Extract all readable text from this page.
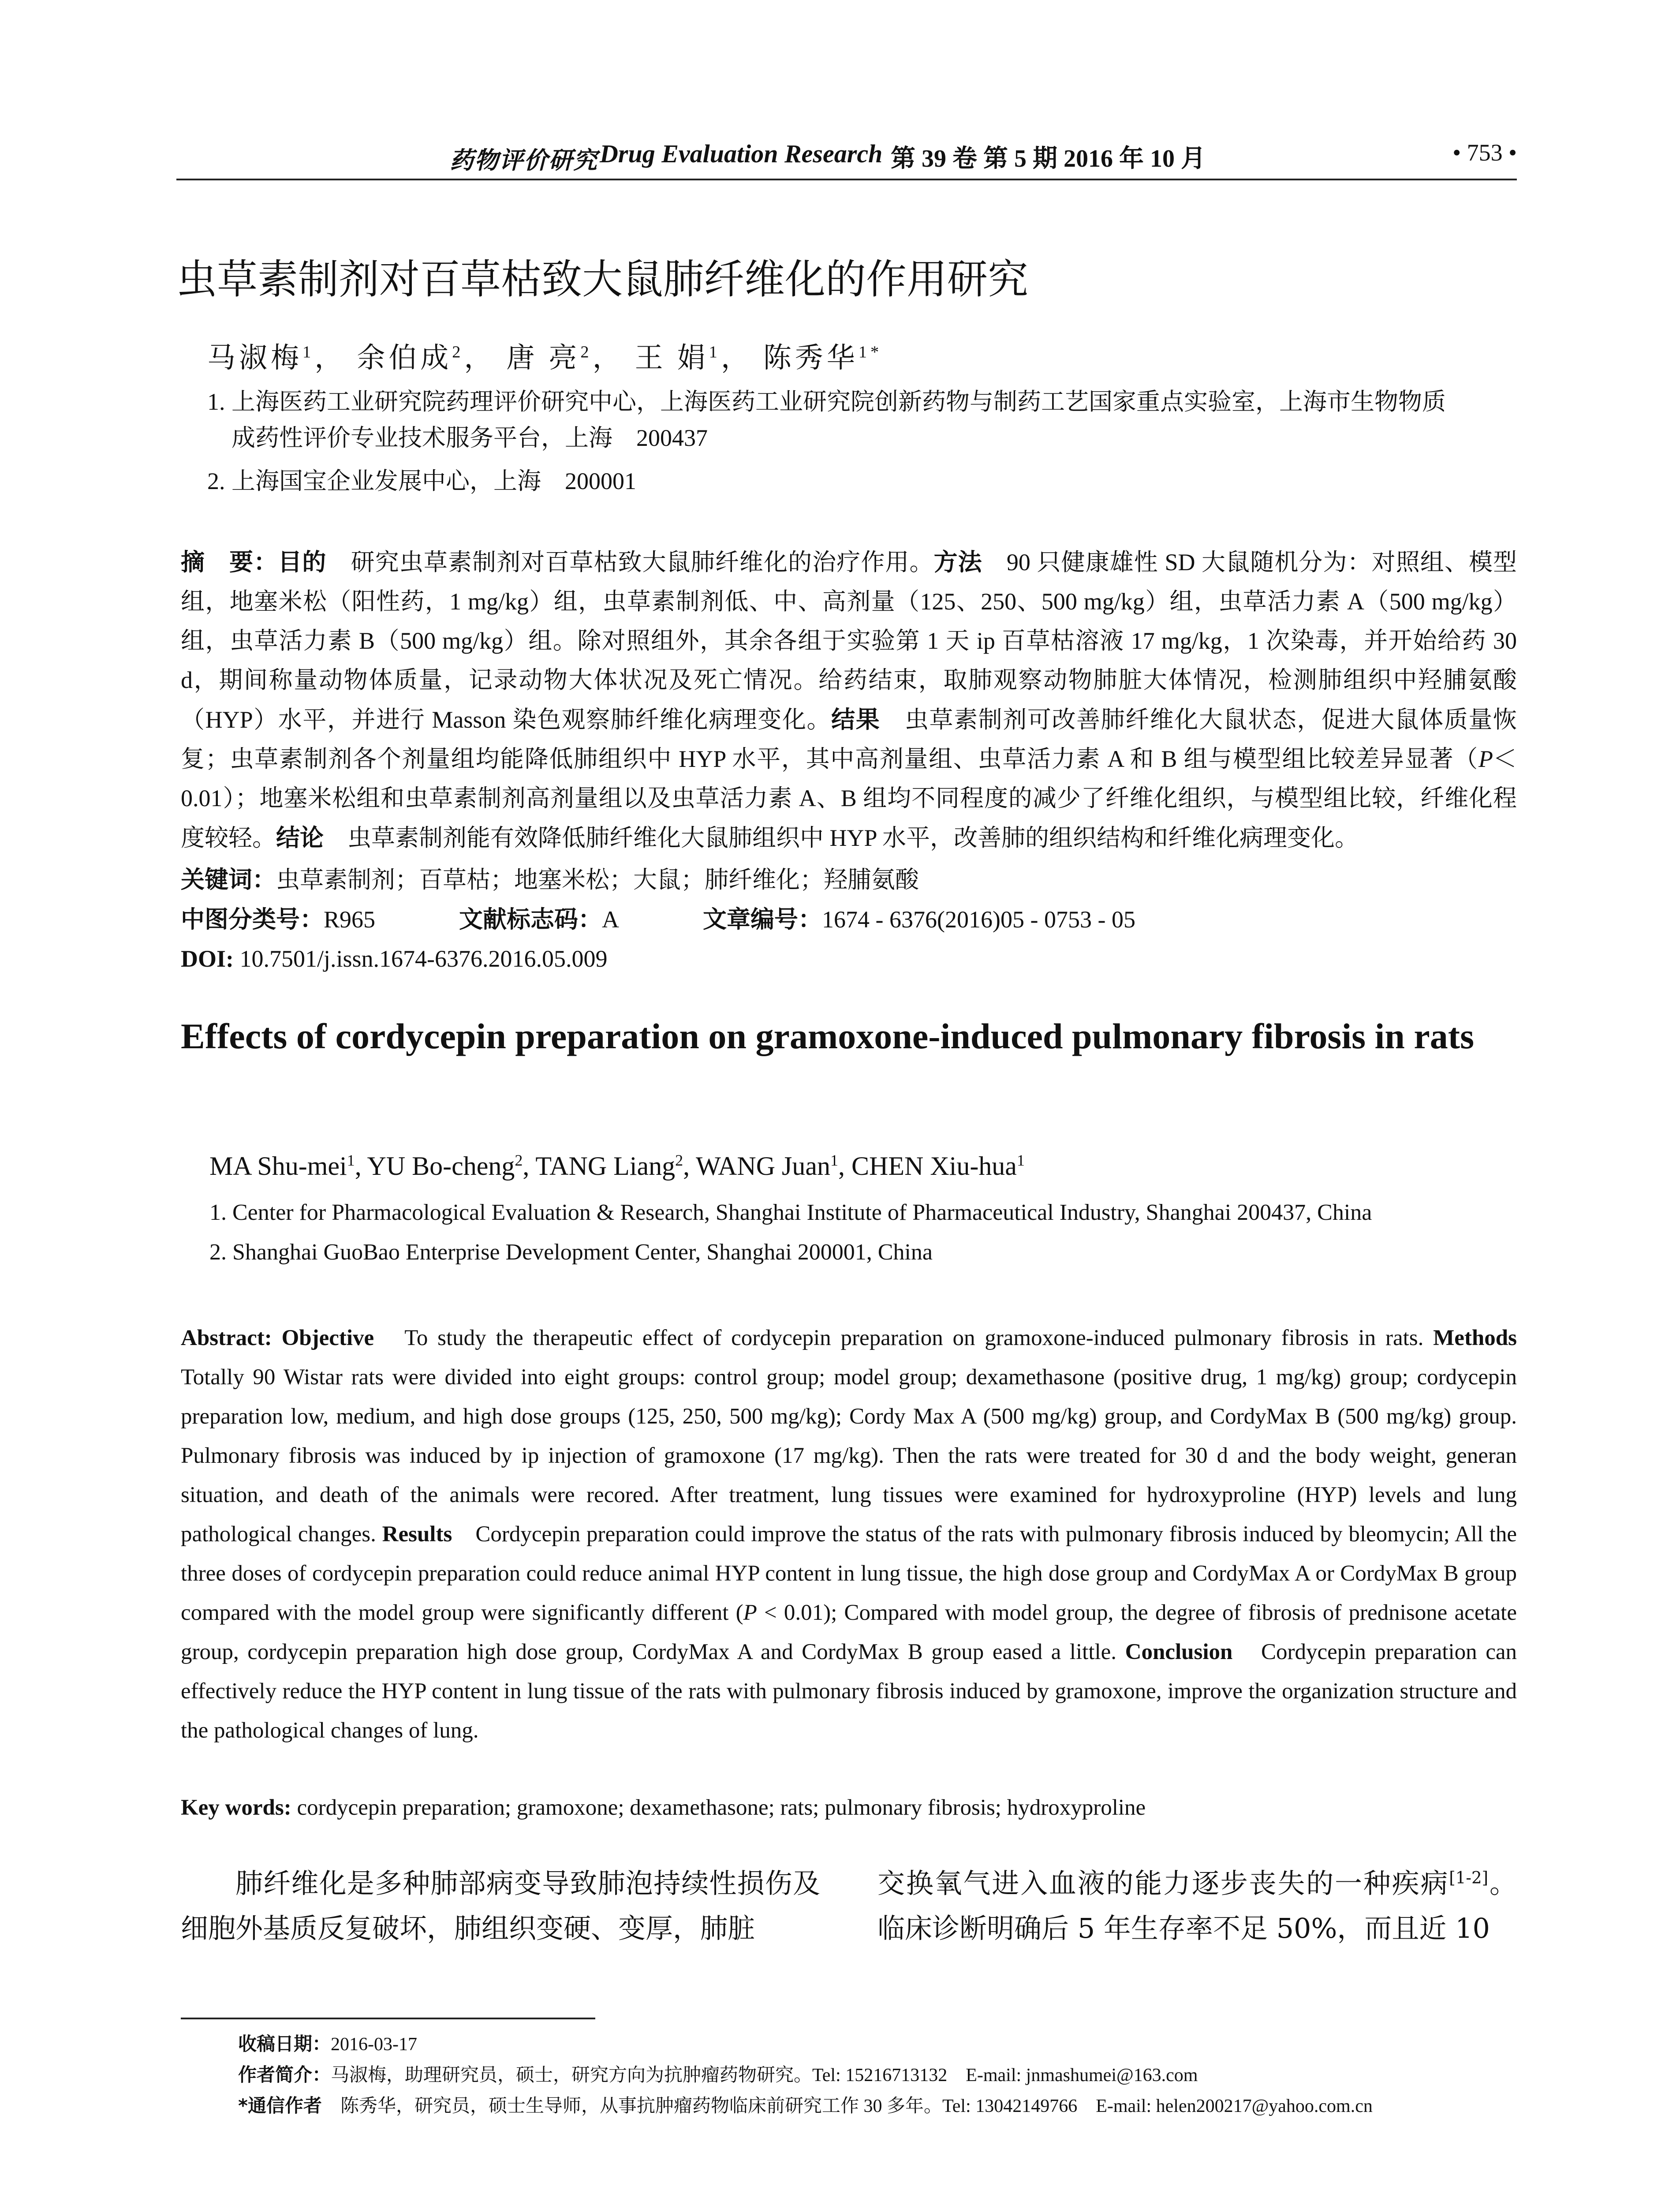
药物评价研究 Drug Evaluation Research 第 39 卷 第 5 期 2016 年 10 月	• 753 •
虫草素制剂对百草枯致大鼠肺纤维化的作用研究
马淑梅$^1$， 余伯成$^2$， 唐 亮$^2$， 王 娟$^1$， 陈秀华$^{1*}$
1. 上海医药工业研究院药理评价研究中心，上海医药工业研究院创新药物与制药工艺国家重点实验室，上海市生物物质
成药性评价专业技术服务平台，上海　200437
2. 上海国宝企业发展中心，上海　200001
摘　要：目的　 研究虫草素制剂对百草枯致大鼠肺纤维化的治疗作用。方法　 90 只健康雄性 SD 大鼠随机分为：对照组、模型组，地塞米松（阳性药，1 mg/kg）组，虫草素制剂低、中、高剂量（125、250、500 mg/kg）组，虫草活力素 A（500 mg/kg）组，虫草活力素 B（500 mg/kg）组。除对照组外，其余各组于实验第 1 天 ip 百草枯溶液 17 mg/kg，1 次染毒，并开始给药 30 d，期间称量动物体质量，记录动物大体状况及死亡情况。给药结束，取肺观察动物肺脏大体情况，检测肺组织中羟脯氨酸（HYP）水平，并进行 Masson 染色观察肺纤维化病理变化。结果　 虫草素制剂可改善肺纤维化大鼠状态，促进大鼠体质量恢复；虫草素制剂各个剂量组均能降低肺组织中 HYP 水平，其中高剂量组、虫草活力素 A 和 B 组与模型组比较差异显著（P＜0.01）；地塞米松组和虫草素制剂高剂量组以及虫草活力素 A、B 组均不同程度的减少了纤维化组织，与模型组比较，纤维化程度较轻。结论　 虫草素制剂能有效降低肺纤维化大鼠肺组织中 HYP 水平，改善肺的组织结构和纤维化病理变化。
关键词：虫草素制剂；百草枯；地塞米松；大鼠；肺纤维化；羟脯氨酸
中图分类号：R965	文献标志码：A	文章编号：1674 - 6376(2016)05 - 0753 - 05
DOI: 10.7501/j.issn.1674-6376.2016.05.009
Effects of cordycepin preparation on gramoxone-induced pulmonary fibrosis in rats
MA Shu-mei$^1$, YU Bo-cheng$^2$, TANG Liang$^2$, WANG Juan$^1$, CHEN Xiu-hua$^1$
1. Center for Pharmacological Evaluation & Research, Shanghai Institute of Pharmaceutical Industry, Shanghai 200437, China
2. Shanghai GuoBao Enterprise Development Center, Shanghai 200001, China
Abstract: Objective　 To study the therapeutic effect of cordycepin preparation on gramoxone-induced pulmonary fibrosis in rats. Methods　Totally 90 Wistar rats were divided into eight groups: control group; model group; dexamethasone (positive drug, 1 mg/kg) group; cordycepin preparation low, medium, and high dose groups (125, 250, 500 mg/kg); Cordy Max A (500 mg/kg) group, and CordyMax B (500 mg/kg) group. Pulmonary fibrosis was induced by ip injection of gramoxone (17 mg/kg). Then the rats were treated for 30 d and the body weight, generan situation, and death of the animals were recored. After treatment, lung tissues were examined for hydroxyproline (HYP) levels and lung pathological changes. Results　 Cordycepin preparation could improve the status of the rats with pulmonary fibrosis induced by bleomycin; All the three doses of cordycepin preparation could reduce animal HYP content in lung tissue, the high dose group and CordyMax A or CordyMax B group compared with the model group were significantly different (P < 0.01); Compared with model group, the degree of fibrosis of prednisone acetate group, cordycepin preparation high dose group, CordyMax A and CordyMax B group eased a little. Conclusion　 Cordycepin preparation can effectively reduce the HYP content in lung tissue of the rats with pulmonary fibrosis induced by gramoxone, improve the organization structure and the pathological changes of lung.
Key words: cordycepin preparation; gramoxone; dexamethasone; rats; pulmonary fibrosis; hydroxyproline
肺纤维化是多种肺部病变导致肺泡持续性损伤及细胞外基质反复破坏，肺组织变硬、变厚，肺脏
交换氧气进入血液的能力逐步丧失的一种疾病[1-2]。临床诊断明确后 5 年生存率不足 50%，而且近 10
收稿日期：2016-03-17
作者简介：马淑梅，助理研究员，硕士，研究方向为抗肿瘤药物研究。Tel: 15216713132　E-mail: jnmashumei@163.com
*通信作者　 陈秀华，研究员，硕士生导师，从事抗肿瘤药物临床前研究工作 30 多年。Tel: 13042149766　E-mail: helen200217@yahoo.com.cn
